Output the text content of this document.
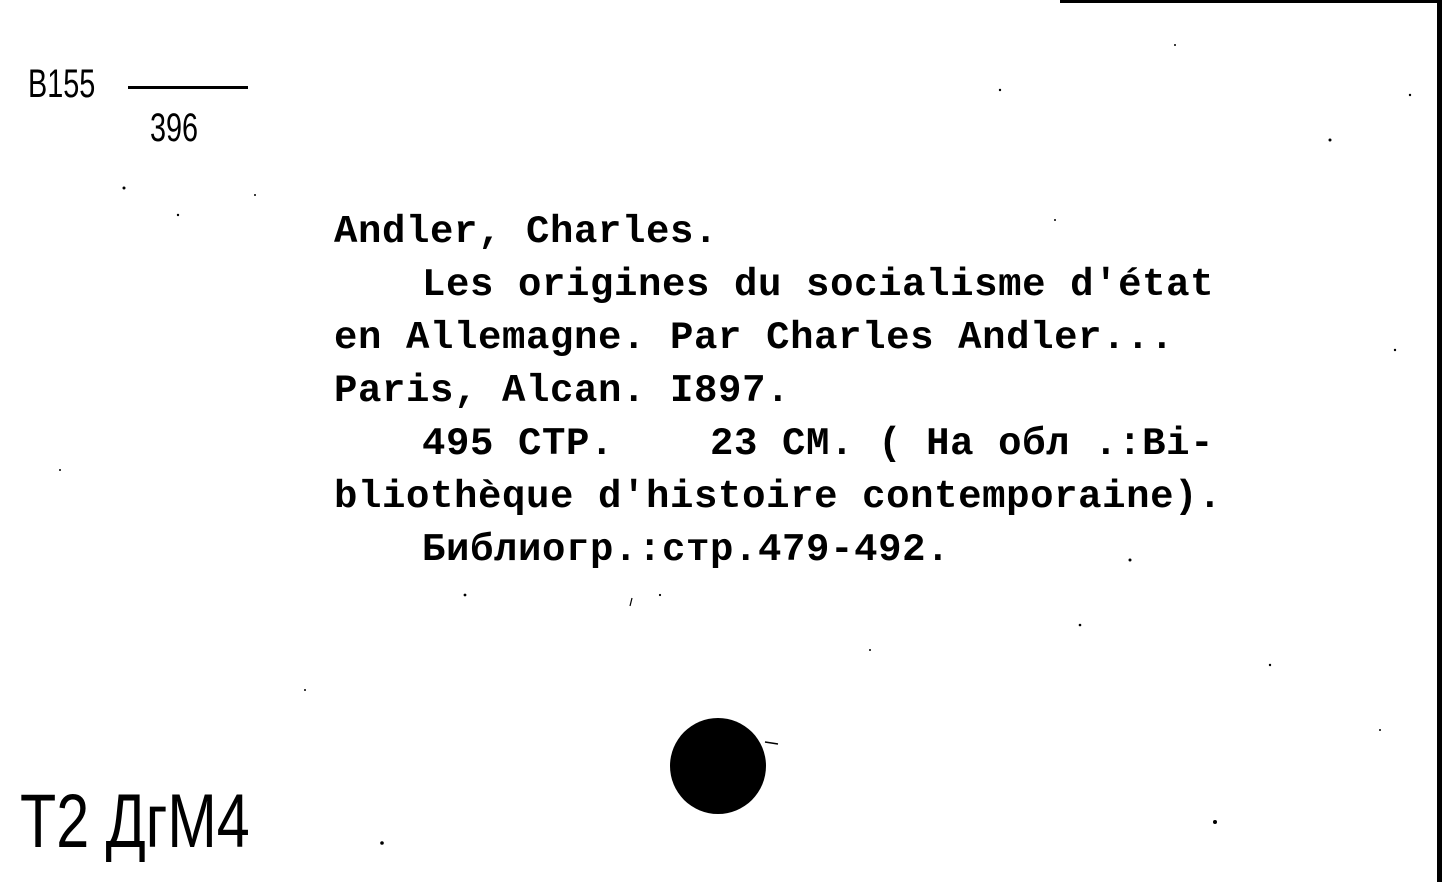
B155
396
Andler, Charles.
Les origines du socialisme d'état
en Allemagne. Par Charles Andler...
Paris, Alcan. I897.
495 CTP.    23 CM. ( На обл .:Bi-
bliothèque d'histoire contemporaine).
Библиогр.:стр.479-492.
Т2 ДгМ4
